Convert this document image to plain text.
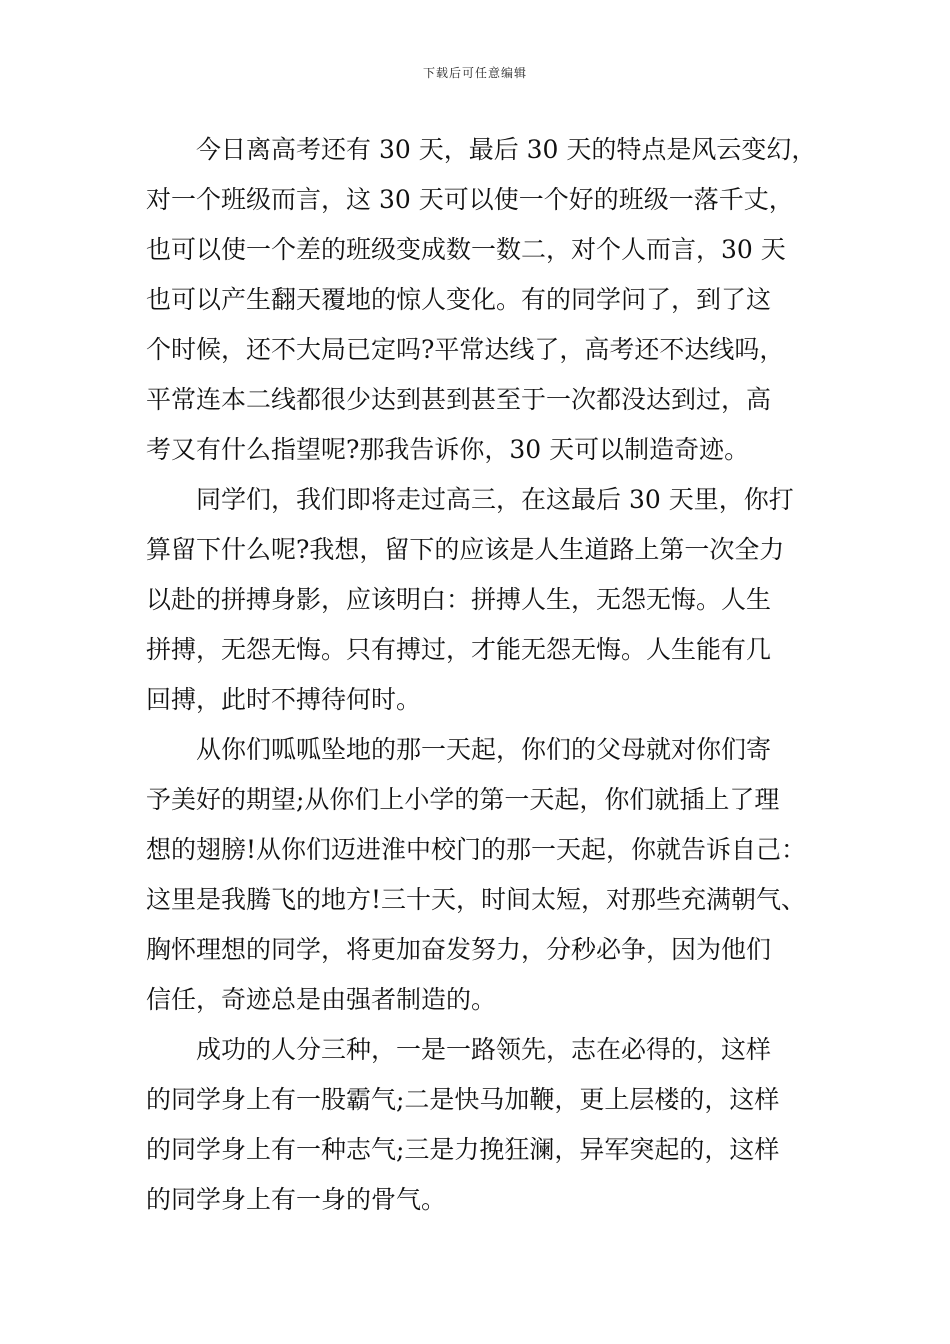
下载后可任意编辑
今日离高考还有 30 天，最后 30 天的特点是风云变幻，
对一个班级而言，这 30 天可以使一个好的班级一落千丈，
也可以使一个差的班级变成数一数二，对个人而言，30 天
也可以产生翻天覆地的惊人变化。有的同学问了，到了这
个时候，还不大局已定吗?平常达线了，高考还不达线吗，
平常连本二线都很少达到甚到甚至于一次都没达到过，高
考又有什么指望呢?那我告诉你，30 天可以制造奇迹。
同学们，我们即将走过高三，在这最后 30 天里，你打
算留下什么呢?我想，留下的应该是人生道路上第一次全力
以赴的拼搏身影，应该明白：拼搏人生，无怨无悔。人生
拼搏，无怨无悔。只有搏过，才能无怨无悔。人生能有几
回搏，此时不搏待何时。
从你们呱呱坠地的那一天起，你们的父母就对你们寄
予美好的期望;从你们上小学的第一天起，你们就插上了理
想的翅膀!从你们迈进淮中校门的那一天起，你就告诉自己：
这里是我腾飞的地方!三十天，时间太短，对那些充满朝气、
胸怀理想的同学，将更加奋发努力，分秒必争，因为他们
信任，奇迹总是由强者制造的。
成功的人分三种，一是一路领先，志在必得的，这样
的同学身上有一股霸气;二是快马加鞭，更上层楼的，这样
的同学身上有一种志气;三是力挽狂澜，异军突起的，这样
的同学身上有一身的骨气。
